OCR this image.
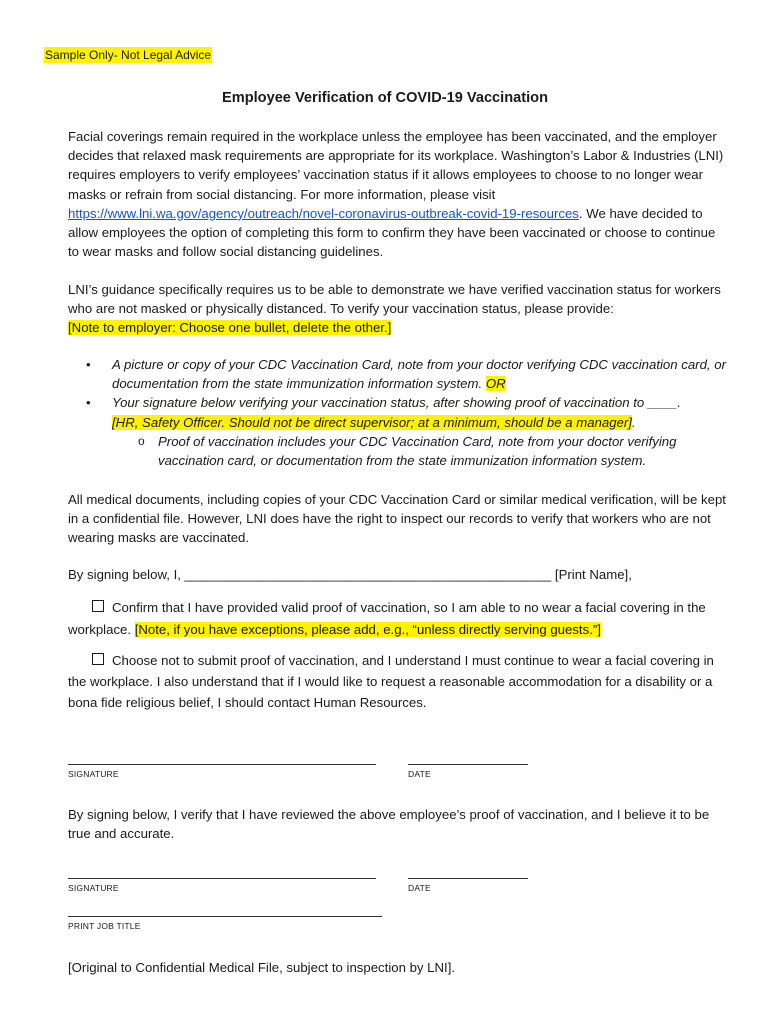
Sample Only- Not Legal Advice
Employee Verification of COVID-19 Vaccination
Facial coverings remain required in the workplace unless the employee has been vaccinated, and the employer decides that relaxed mask requirements are appropriate for its workplace. Washington’s Labor & Industries (LNI) requires employers to verify employees’ vaccination status if it allows employees to choose to no longer wear masks or refrain from social distancing. For more information, please visit https://www.lni.wa.gov/agency/outreach/novel-coronavirus-outbreak-covid-19-resources. We have decided to allow employees the option of completing this form to confirm they have been vaccinated or choose to continue to wear masks and follow social distancing guidelines.
LNI’s guidance specifically requires us to be able to demonstrate we have verified vaccination status for workers who are not masked or physically distanced. To verify your vaccination status, please provide:
[Note to employer: Choose one bullet, delete the other.]
• A picture or copy of your CDC Vaccination Card, note from your doctor verifying CDC vaccination card, or documentation from the state immunization information system. OR
• Your signature below verifying your vaccination status, after showing proof of vaccination to ____.
[HR, Safety Officer. Should not be direct supervisor; at a minimum, should be a manager].
o Proof of vaccination includes your CDC Vaccination Card, note from your doctor verifying vaccination card, or documentation from the state immunization information system.
All medical documents, including copies of your CDC Vaccination Card or similar medical verification, will be kept in a confidential file. However, LNI does have the right to inspect our records to verify that workers who are not wearing masks are vaccinated.
By signing below, I, __________________________________________________ [Print Name],
Confirm that I have provided valid proof of vaccination, so I am able to no wear a facial covering in the workplace. [Note, if you have exceptions, please add, e.g., “unless directly serving guests.”]
Choose not to submit proof of vaccination, and I understand I must continue to wear a facial covering in the workplace. I also understand that if I would like to request a reasonable accommodation for a disability or a bona fide religious belief, I should contact Human Resources.
SIGNATURE	DATE
By signing below, I verify that I have reviewed the above employee’s proof of vaccination, and I believe it to be true and accurate.
SIGNATURE	DATE
PRINT JOB TITLE
[Original to Confidential Medical File, subject to inspection by LNI].
